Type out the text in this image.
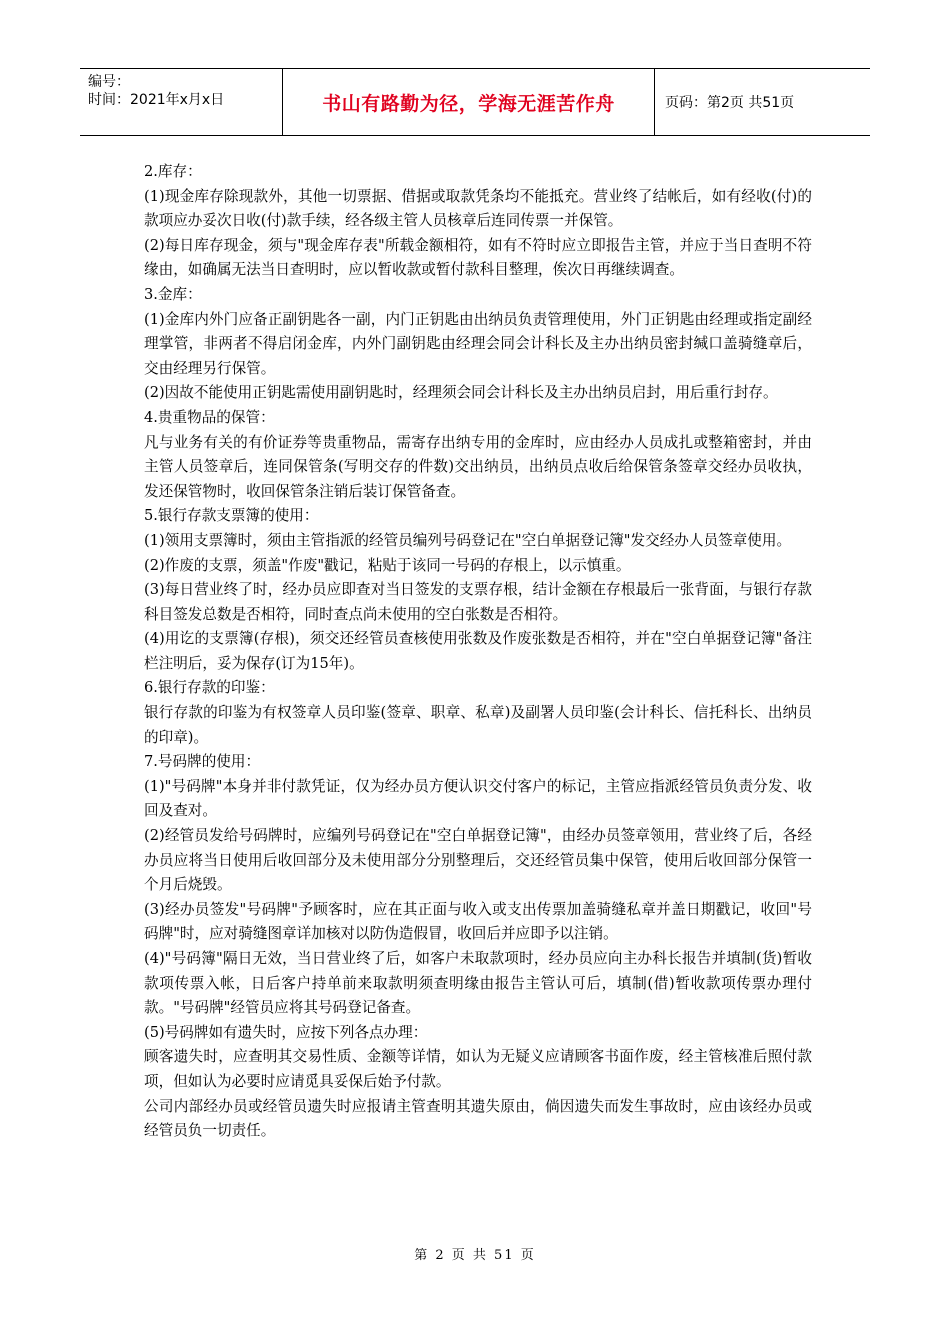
编号：
时间：2021年x月x日	书山有路勤为径，学海无涯苦作舟	页码：第2页 共51页

2.库存：

(1)现金库存除现款外，其他一切票据、借据或取款凭条均不能抵充。营业终了结帐后，如有经收(付)的款项应办妥次日收(付)款手续，经各级主管人员核章后连同传票一并保管。

(2)每日库存现金，须与"现金库存表"所载金额相符，如有不符时应立即报告主管，并应于当日查明不符缘由，如确属无法当日查明时，应以暂收款或暂付款科目整理，俟次日再继续调查。

3.金库：

(1)金库内外门应备正副钥匙各一副，内门正钥匙由出纳员负责管理使用，外门正钥匙由经理或指定副经理掌管，非两者不得启闭金库，内外门副钥匙由经理会同会计科长及主办出纳员密封缄口盖骑缝章后，交由经理另行保管。

(2)因故不能使用正钥匙需使用副钥匙时，经理须会同会计科长及主办出纳员启封，用后重行封存。

4.贵重物品的保管：

凡与业务有关的有价证券等贵重物品，需寄存出纳专用的金库时，应由经办人员成扎或整箱密封，并由主管人员签章后，连同保管条(写明交存的件数)交出纳员，出纳员点收后给保管条签章交经办员收执，发还保管物时，收回保管条注销后装订保管备查。

5.银行存款支票簿的使用：

(1)领用支票簿时，须由主管指派的经管员编列号码登记在"空白单据登记簿"发交经办人员签章使用。

(2)作废的支票，须盖"作废"戳记，粘贴于该同一号码的存根上，以示慎重。

(3)每日营业终了时，经办员应即查对当日签发的支票存根，结计金额在存根最后一张背面，与银行存款科目签发总数是否相符，同时查点尚未使用的空白张数是否相符。

(4)用讫的支票簿(存根)，须交还经管员查核使用张数及作废张数是否相符，并在"空白单据登记簿"备注栏注明后，妥为保存(订为15年)。

6.银行存款的印鉴：

银行存款的印鉴为有权签章人员印鉴(签章、职章、私章)及副署人员印鉴(会计科长、信托科长、出纳员的印章)。

7.号码牌的使用：

(1)"号码牌"本身并非付款凭证，仅为经办员方便认识交付客户的标记，主管应指派经管员负责分发、收回及查对。

(2)经管员发给号码牌时，应编列号码登记在"空白单据登记簿"，由经办员签章领用，营业终了后，各经办员应将当日使用后收回部分及未使用部分分别整理后，交还经管员集中保管，使用后收回部分保管一个月后烧毁。

(3)经办员签发"号码牌"予顾客时，应在其正面与收入或支出传票加盖骑缝私章并盖日期戳记，收回"号码牌"时，应对骑缝图章详加核对以防伪造假冒，收回后并应即予以注销。

(4)"号码簿"隔日无效，当日营业终了后，如客户未取款项时，经办员应向主办科长报告并填制(货)暂收款项传票入帐，日后客户持单前来取款明须查明缘由报告主管认可后，填制(借)暂收款项传票办理付款。"号码牌"经管员应将其号码登记备查。

(5)号码牌如有遗失时，应按下列各点办理：

顾客遗失时，应查明其交易性质、金额等详情，如认为无疑义应请顾客书面作废，经主管核准后照付款项，但如认为必要时应请觅具妥保后始予付款。

公司内部经办员或经管员遗失时应报请主管查明其遗失原由，倘因遗失而发生事故时，应由该经办员或经管员负一切责任。

第 2 页 共 51 页
